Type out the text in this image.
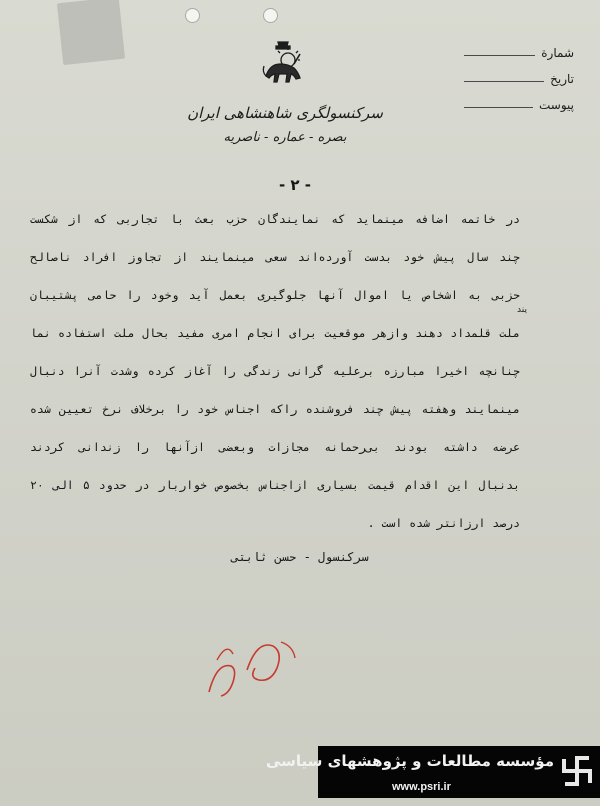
سرکنسولگری شاهنشاهی ایران
بصره - عماره - ناصریه
شمارة
تاریخ
پیوست
- ۲ -
در خاتمه اضافه مینماید که نمایندگان حزب بعث با تجاربی که از شکست
چند سال پیش خود بدست آورده‌اند سعی مینمایند از تجاوز افراد ناصالح
حزبی به اشخاص یا اموال آنها جلوگیری بعمل آید وخود را حامی پشتیبان
ملت قلمداد دهند وازهر موقعیت برای انجام امری مفید بحال ملت استفاده نما
چنانچه اخیرا مبارزه برعلیه گرانی زندگی را آغاز کرده وشدت آنرا دنبال
مینمایند وهفته پیش چند فروشنده راکه اجناس خود را برخلاف نرخ تعیین شده
عرضه داشته بودند بی‌رحمانه مجازات وبعضی ازآنها را زندانی کردند
بدنبال این اقدام قیمت بسیاری ازاجناس بخصوص خواربار در حدود ۵ الی ۲۰
درصد ارزانتر شده است .
یند
سرکنسول - حسن ثابتی
مؤسسه مطالعات و پژوهشهای سیاسی
www.psri.ir
